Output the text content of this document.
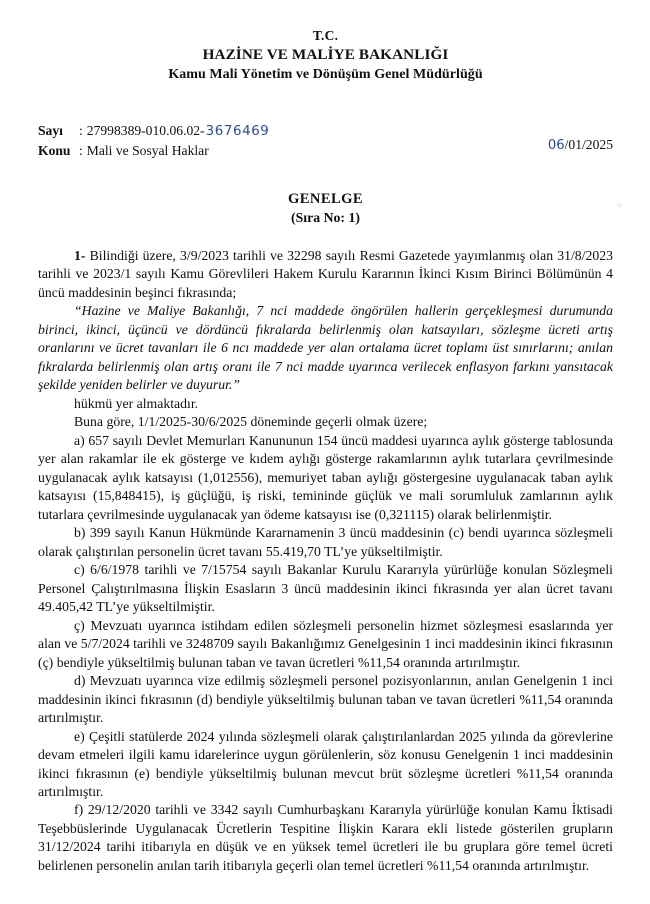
T.C.
HAZİNE VE MALİYE BAKANLIĞI
Kamu Mali Yönetim ve Dönüşüm Genel Müdürlüğü
Sayı	: 27998389-010.06.02- 3676469
Konu : Mali ve Sosyal Haklar	06/01/2025

GENELGE
(Sıra No: 1)

1- Bilindiği üzere, 3/9/2023 tarihli ve 32298 sayılı Resmi Gazetede yayımlanmış olan 31/8/2023 tarihli ve 2023/1 sayılı Kamu Görevlileri Hakem Kurulu Kararının İkinci Kısım Birinci Bölümünün 4 üncü maddesinin beşinci fıkrasında;

“Hazine ve Maliye Bakanlığı, 7 nci maddede öngörülen hallerin gerçekleşmesi durumunda birinci, ikinci, üçüncü ve dördüncü fıkralarda belirlenmiş olan katsayıları, sözleşme ücreti artış oranlarını ve ücret tavanları ile 6 ncı maddede yer alan ortalama ücret toplamı üst sınırlarını; anılan fıkralarda belirlenmiş olan artış oranı ile 7 nci madde uyarınca verilecek enflasyon farkını yansıtacak şekilde yeniden belirler ve duyurur.”

hükmü yer almaktadır.

Buna göre, 1/1/2025-30/6/2025 döneminde geçerli olmak üzere;

a) 657 sayılı Devlet Memurları Kanununun 154 üncü maddesi uyarınca aylık gösterge tablosunda yer alan rakamlar ile ek gösterge ve kıdem aylığı gösterge rakamlarının aylık tutarlara çevrilmesinde uygulanacak aylık katsayısı (1,012556), memuriyet taban aylığı göstergesine uygulanacak taban aylık katsayısı (15,848415), iş güçlüğü, iş riski, temininde güçlük ve mali sorumluluk zamlarının aylık tutarlara çevrilmesinde uygulanacak yan ödeme katsayısı ise (0,321115) olarak belirlenmiştir.

b) 399 sayılı Kanun Hükmünde Kararnamenin 3 üncü maddesinin (c) bendi uyarınca sözleşmeli olarak çalıştırılan personelin ücret tavanı 55.419,70 TL’ye yükseltilmiştir.

c) 6/6/1978 tarihli ve 7/15754 sayılı Bakanlar Kurulu Kararıyla yürürlüğe konulan Sözleşmeli Personel Çalıştırılmasına İlişkin Esasların 3 üncü maddesinin ikinci fıkrasında yer alan ücret tavanı 49.405,42 TL’ye yükseltilmiştir.

ç) Mevzuatı uyarınca istihdam edilen sözleşmeli personelin hizmet sözleşmesi esaslarında yer alan ve 5/7/2024 tarihli ve 3248709 sayılı Bakanlığımız Genelgesinin 1 inci maddesinin ikinci fıkrasının (ç) bendiyle yükseltilmiş bulunan taban ve tavan ücretleri %11,54 oranında artırılmıştır.

d) Mevzuatı uyarınca vize edilmiş sözleşmeli personel pozisyonlarının, anılan Genelgenin 1 inci maddesinin ikinci fıkrasının (d) bendiyle yükseltilmiş bulunan taban ve tavan ücretleri %11,54 oranında artırılmıştır.

e) Çeşitli statülerde 2024 yılında sözleşmeli olarak çalıştırılanlardan 2025 yılında da görevlerine devam etmeleri ilgili kamu idarelerince uygun görülenlerin, söz konusu Genelgenin 1 inci maddesinin ikinci fıkrasının (e) bendiyle yükseltilmiş bulunan mevcut brüt sözleşme ücretleri %11,54 oranında artırılmıştır.

f) 29/12/2020 tarihli ve 3342 sayılı Cumhurbaşkanı Kararıyla yürürlüğe konulan Kamu İktisadi Teşebbüslerinde Uygulanacak Ücretlerin Tespitine İlişkin Karara ekli listede gösterilen grupların 31/12/2024 tarihi itibarıyla en düşük ve en yüksek temel ücretleri ile bu gruplara göre temel ücreti belirlenen personelin anılan tarih itibarıyla geçerli olan temel ücretleri %11,54 oranında artırılmıştır.
